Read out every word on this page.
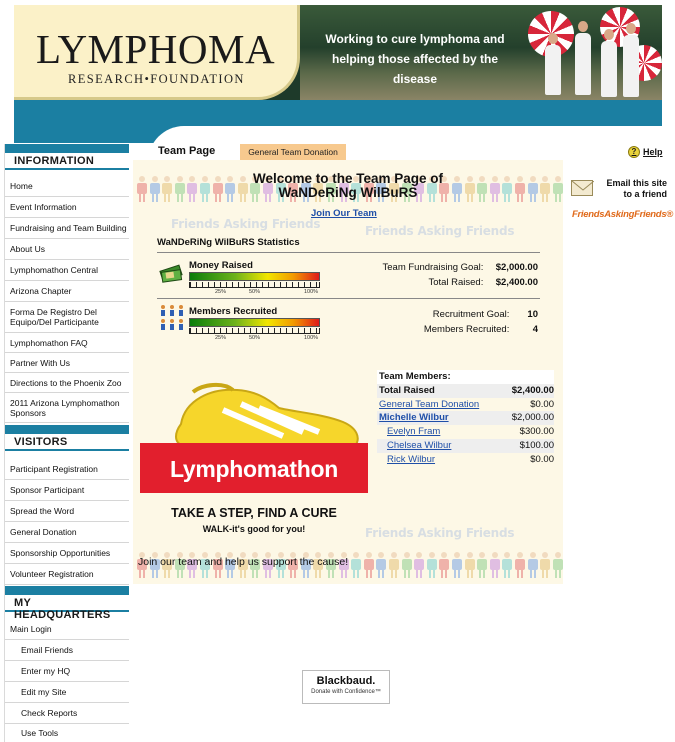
Working to cure lymphoma and helping those affected by the disease
LYMPHOMA
RESEARCH•FOUNDATION
INFORMATION
Home
Event Information
Fundraising and Team Building
About Us
Lymphomathon Central
Arizona Chapter
Forma De Registro Del Equipo/Del Participante
Lymphomathon FAQ
Partner With Us
Directions to the Phoenix Zoo
2011 Arizona Lymphomathon Sponsors
VISITORS
Participant Registration
Sponsor Participant
Spread the Word
General Donation
Sponsorship Opportunities
Volunteer Registration
MY HEADQUARTERS
Main Login
Email Friends
Enter my HQ
Edit my Site
Check Reports
Use Tools
Team Page	General Team Donation	? Help
Friends Asking Friends	Friends Asking Friends
Friends Asking Friends
Welcome to the Team Page of
WaNDeRiNg WilBuRS
Join Our Team
WaNDeRiNg WilBuRS Statistics
Money Raised
25%	50%	100%
Team Fundraising Goal: $2,000.00
Total Raised: $2,400.00
Members Recruited
25%	50%	100%
Recruitment Goal: 10
Members Recruited: 4
Lymphomathon
TAKE A STEP, FIND A CURE
WALK-it's good for you!
Join our team and help us support the cause!
Team Members:
Total Raised	$2,400.00
General Team Donation	$0.00
Michelle Wilbur	$2,000.00
Evelyn Fram	$300.00
Chelsea Wilbur	$100.00
Rick Wilbur	$0.00
Email this site
to a friend
FriendsAskingFriends®
Blackbaud.
Donate with Confidence™
